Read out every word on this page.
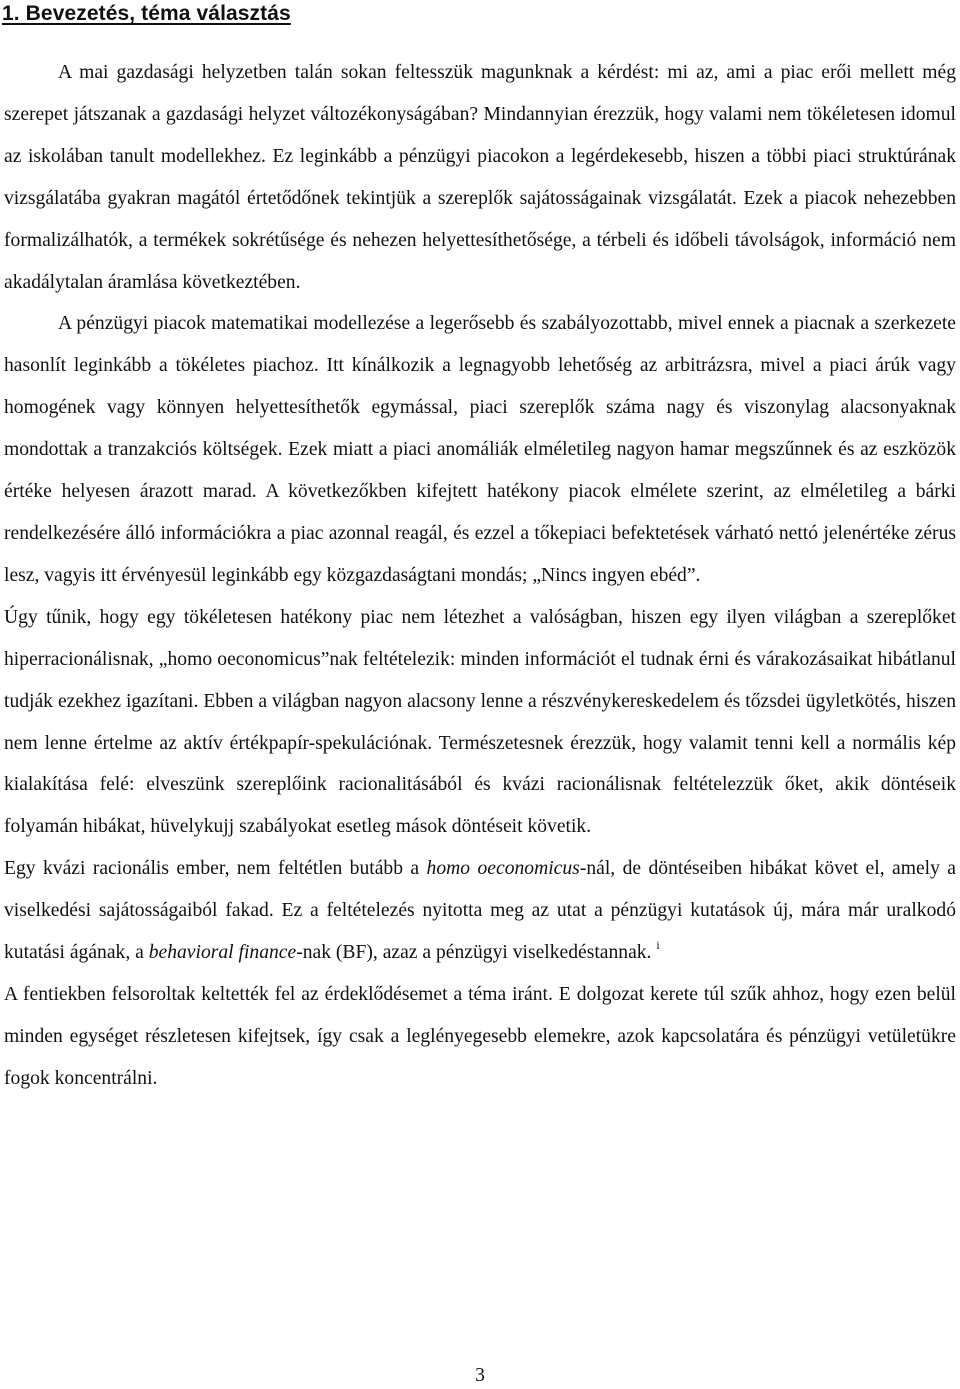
1. Bevezetés, téma választás

A mai gazdasági helyzetben talán sokan feltesszük magunknak a kérdést: mi az, ami a piac erői mellett még szerepet játszanak a gazdasági helyzet változékonyságában? Mindannyian érezzük, hogy valami nem tökéletesen idomul az iskolában tanult modellekhez. Ez leginkább a pénzügyi piacokon a legérdekesebb, hiszen a többi piaci struktúrának vizsgálatába gyakran magától értetődőnek tekintjük a szereplők sajátosságainak vizsgálatát. Ezek a piacok nehezebben formalizálhatók, a termékek sokrétűsége és nehezen helyettesíthetősége, a térbeli és időbeli távolságok, információ nem akadálytalan áramlása következtében.

A pénzügyi piacok matematikai modellezése a legerősebb és szabályozottabb, mivel ennek a piacnak a szerkezete hasonlít leginkább a tökéletes piachoz. Itt kínálkozik a legnagyobb lehetőség az arbitrázsra, mivel a piaci árúk vagy homogének vagy könnyen helyettesíthetők egymással, piaci szereplők száma nagy és viszonylag alacsonyaknak mondottak a tranzakciós költségek. Ezek miatt a piaci anomáliák elméletileg nagyon hamar megszűnnek és az eszközök értéke helyesen árazott marad. A következőkben kifejtett hatékony piacok elmélete szerint, az elméletileg a bárki rendelkezésére álló információkra a piac azonnal reagál, és ezzel a tőkepiaci befektetések várható nettó jelenértéke zérus lesz, vagyis itt érvényesül leginkább egy közgazdaságtani mondás; „Nincs ingyen ebéd”.

Úgy tűnik, hogy egy tökéletesen hatékony piac nem létezhet a valóságban, hiszen egy ilyen világban a szereplőket hiperracionálisnak, „homo oeconomicus”nak feltételezik: minden információt el tudnak érni és várakozásaikat hibátlanul tudják ezekhez igazítani. Ebben a világban nagyon alacsony lenne a részvénykereskedelem és tőzsdei ügyletkötés, hiszen nem lenne értelme az aktív értékpapír-spekulációnak. Természetesnek érezzük, hogy valamit tenni kell a normális kép kialakítása felé: elveszünk szereplőink racionalitásából és kvázi racionálisnak feltételezzük őket, akik döntéseik folyamán hibákat, hüvelykujj szabályokat esetleg mások döntéseit követik.

Egy kvázi racionális ember, nem feltétlen butább a homo oeconomicus-nál, de döntéseiben hibákat követ el, amely a viselkedési sajátosságaiból fakad. Ez a feltételezés nyitotta meg az utat a pénzügyi kutatások új, mára már uralkodó kutatási ágának, a behavioral finance-nak (BF), azaz a pénzügyi viselkedéstannak. $^i$

A fentiekben felsoroltak keltették fel az érdeklődésemet a téma iránt. E dolgozat kerete túl szűk ahhoz, hogy ezen belül minden egységet részletesen kifejtsek, így csak a leglényegesebb elemekre, azok kapcsolatára és pénzügyi vetületükre fogok koncentrálni.

3
